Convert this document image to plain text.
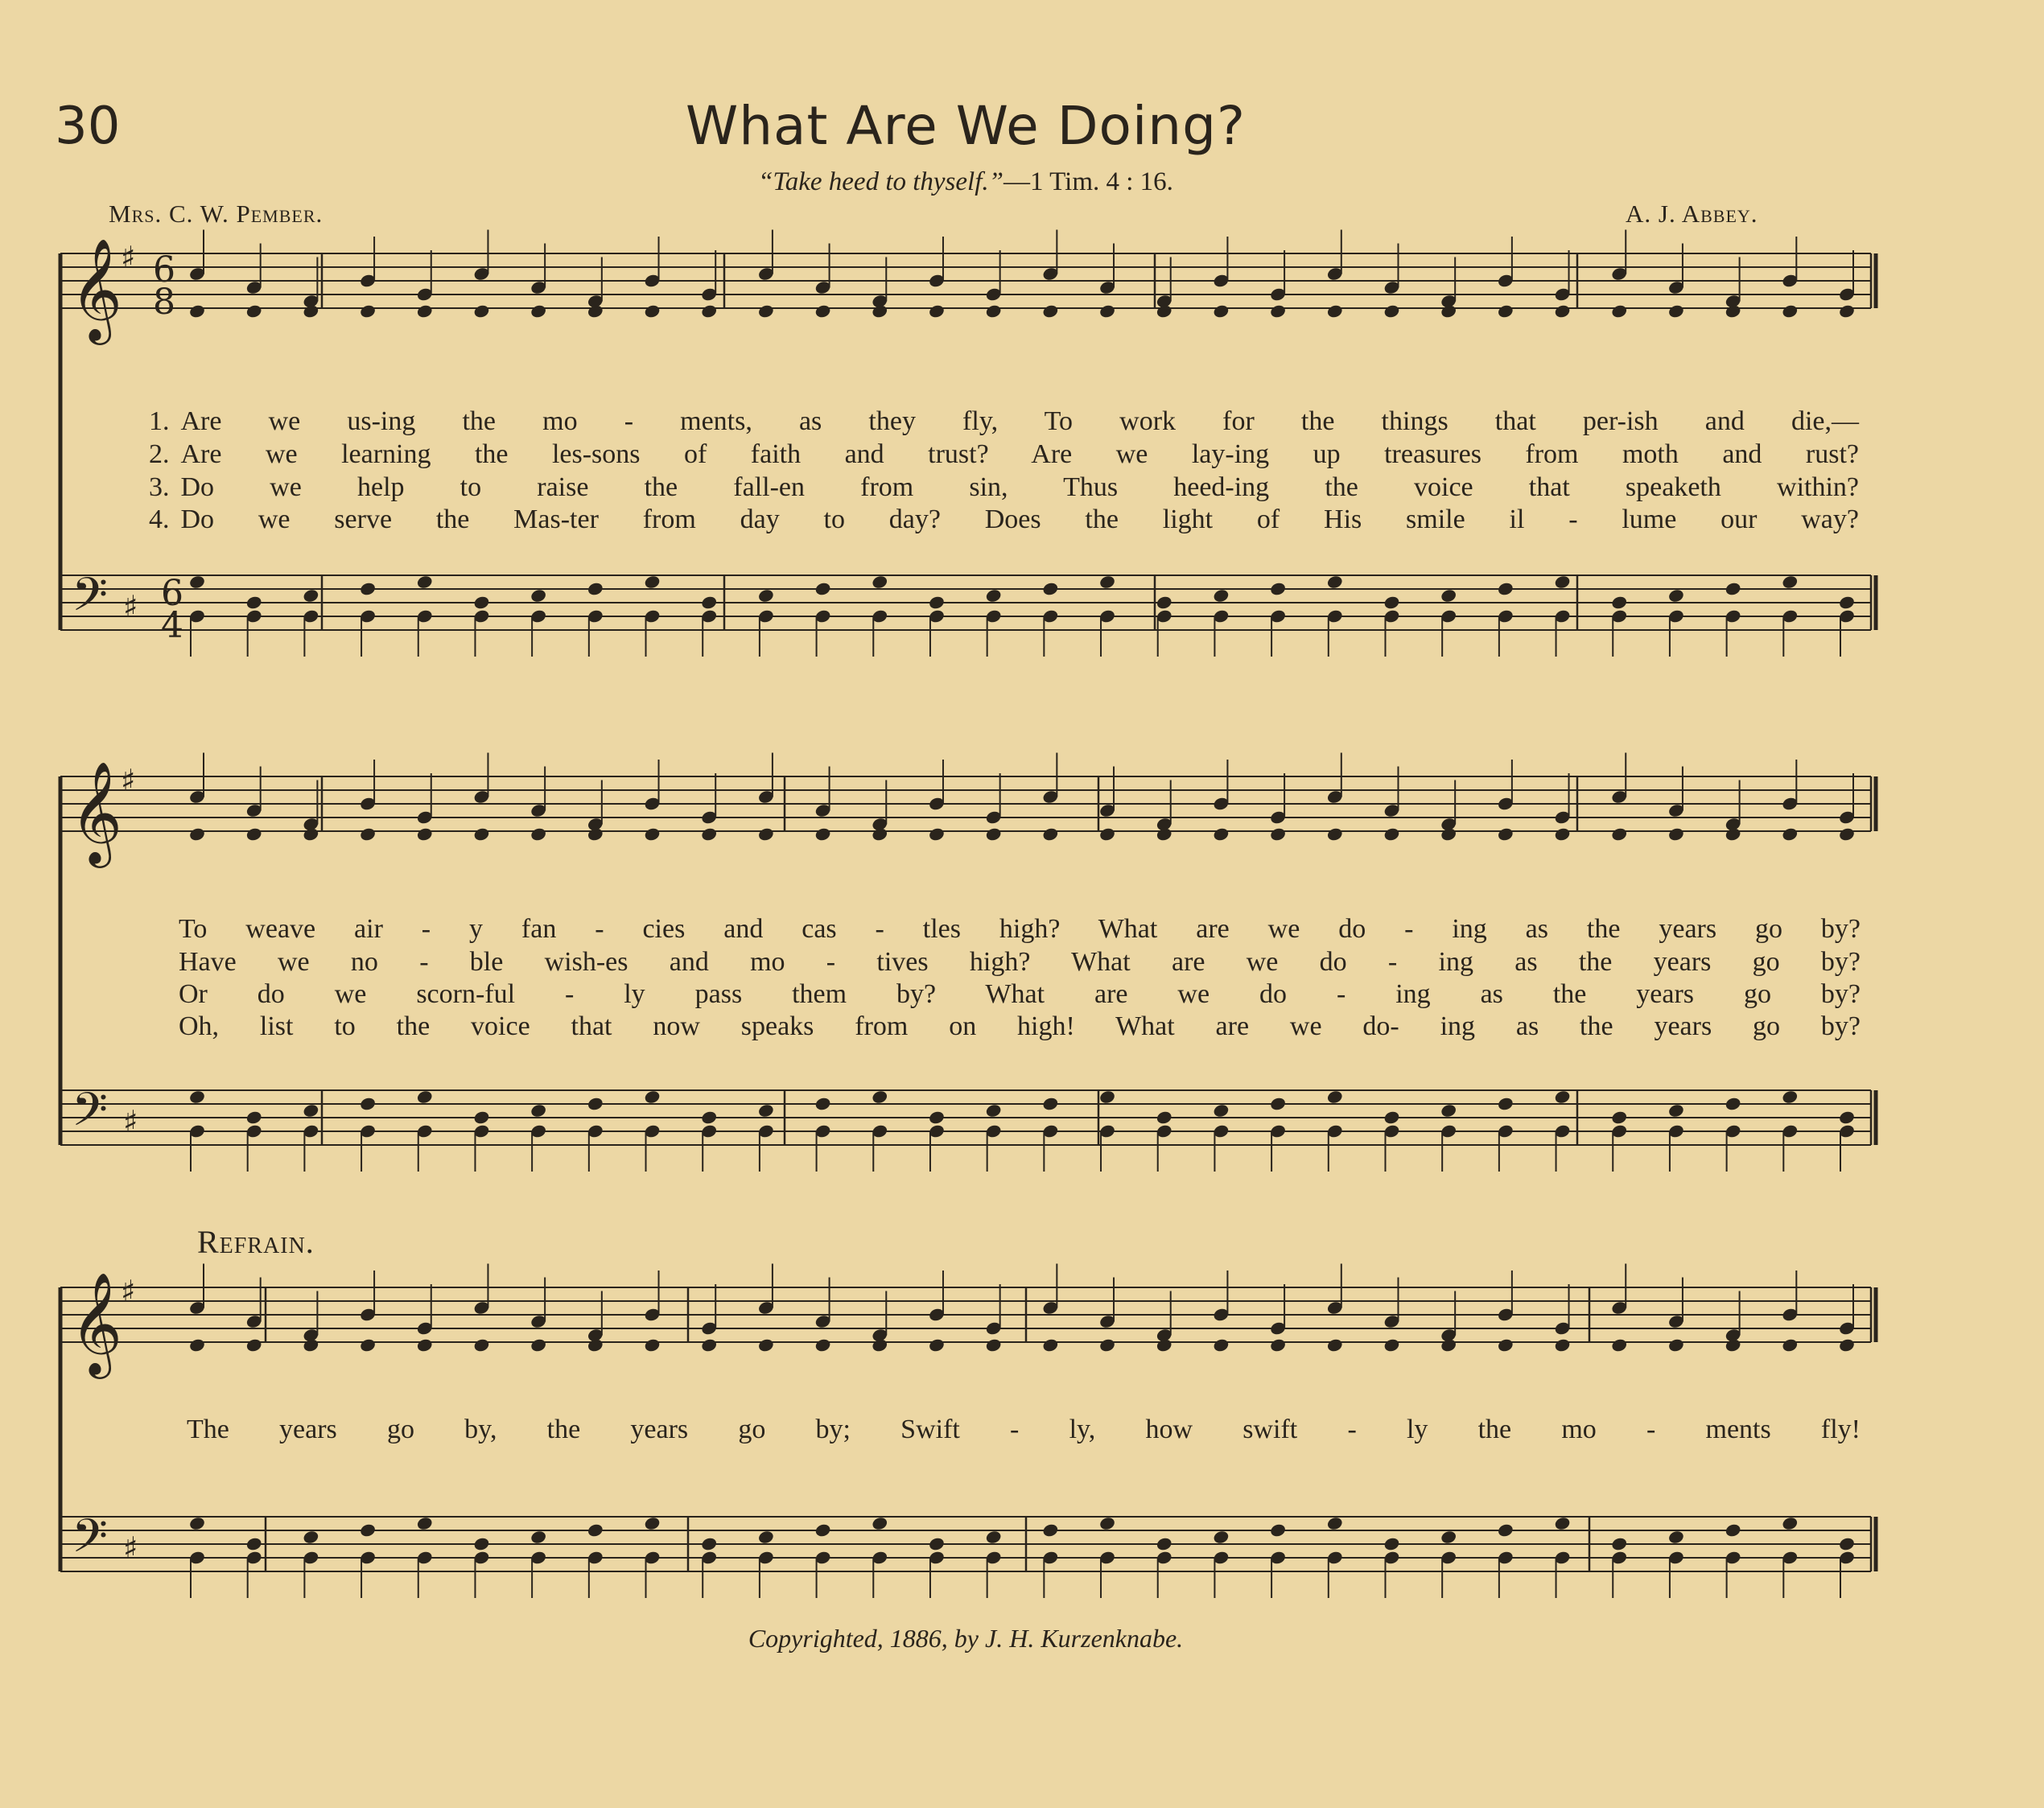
30	What Are We Doing?
“Take heed to thyself.”—1 Tim. 4 : 16.
Mrs. C. W. Pember.	A. J. Abbey.
𝄞
𝄢
♯
♯
𝄞
𝄢
♯
♯
𝄞
𝄢
♯
♯
6
8
6
4
1. Are we us-ing the mo - ments, as they fly, To work for the things that per-ish and die,—
2. Are we learning the les-sons of faith and trust? Are we lay-ing up treasures from moth and rust?
3. Do we help to raise the fall-en from sin, Thus heed-ing the voice that speaketh within?
4. Do we serve the Mas-ter from day to day? Does the light of His smile il - lume our way?
To weave air - y fan - cies and cas - tles high? What are we do - ing as the years go by?
Have we no - ble wish-es and mo - tives high? What are we do - ing as the years go by?
Or do we scorn-ful - ly pass them by? What are we do - ing as the years go by?
Oh, list to the voice that now speaks from on high! What are we do- ing as the years go by?
Refrain.
The years go by, the years go by; Swift - ly, how swift - ly the mo - ments fly!
Copyrighted, 1886, by J. H. Kurzenknabe.
